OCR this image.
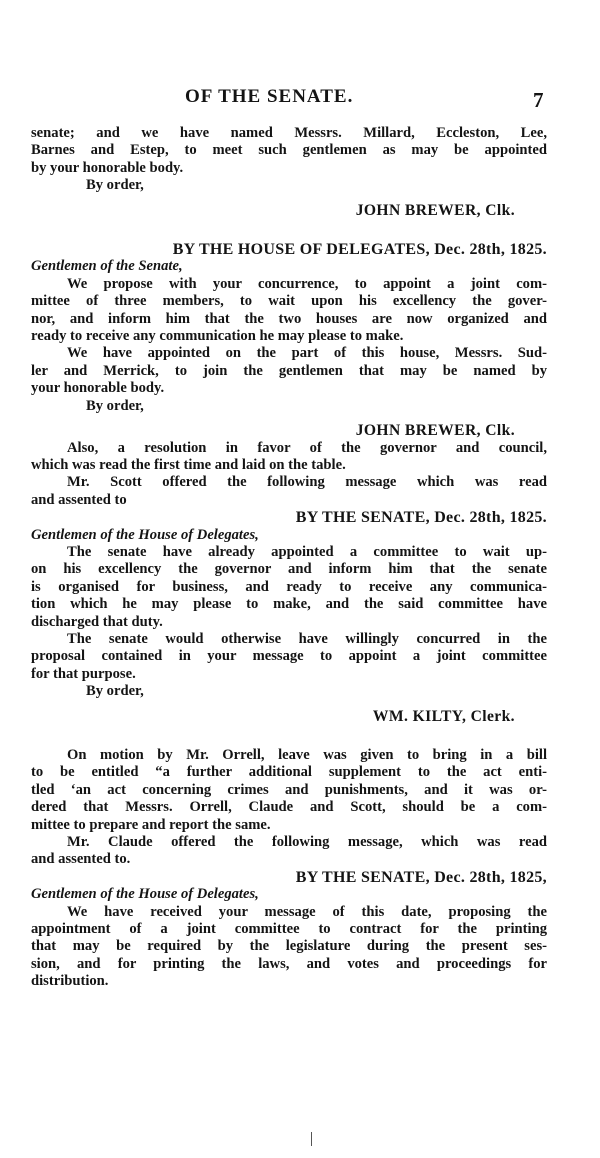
OF THE SENATE.	7
senate; and we have named Messrs. Millard, Eccleston, Lee,
Barnes and Estep, to meet such gentlemen as may be appointed
by your honorable body.
By order,
JOHN BREWER, Clk.
BY THE HOUSE OF DELEGATES, Dec. 28th, 1825.
Gentlemen of the Senate,
We propose with your concurrence, to appoint a joint com-
mittee of three members, to wait upon his excellency the gover-
nor, and inform him that the two houses are now organized and
ready to receive any communication he may please to make.
We have appointed on the part of this house, Messrs. Sud-
ler and Merrick, to join the gentlemen that may be named by
your honorable body.
By order,
JOHN BREWER, Clk.
Also, a resolution in favor of the governor and council,
which was read the first time and laid on the table.
Mr. Scott offered the following message which was read
and assented to
BY THE SENATE, Dec. 28th, 1825.
Gentlemen of the House of Delegates,
The senate have already appointed a committee to wait up-
on his excellency the governor and inform him that the senate
is organised for business, and ready to receive any communica-
tion which he may please to make, and the said committee have
discharged that duty.
The senate would otherwise have willingly concurred in the
proposal contained in your message to appoint a joint committee
for that purpose.
By order,
WM. KILTY, Clerk.
On motion by Mr. Orrell, leave was given to bring in a bill
to be entitled “a further additional supplement to the act enti-
tled ‘an act concerning crimes and punishments, and it was or-
dered that Messrs. Orrell, Claude and Scott, should be a com-
mittee to prepare and report the same.
Mr. Claude offered the following message, which was read
and assented to.
BY THE SENATE, Dec. 28th, 1825,
Gentlemen of the House of Delegates,
We have received your message of this date, proposing the
appointment of a joint committee to contract for the printing
that may be required by the legislature during the present ses-
sion, and for printing the laws, and votes and proceedings for
distribution.
